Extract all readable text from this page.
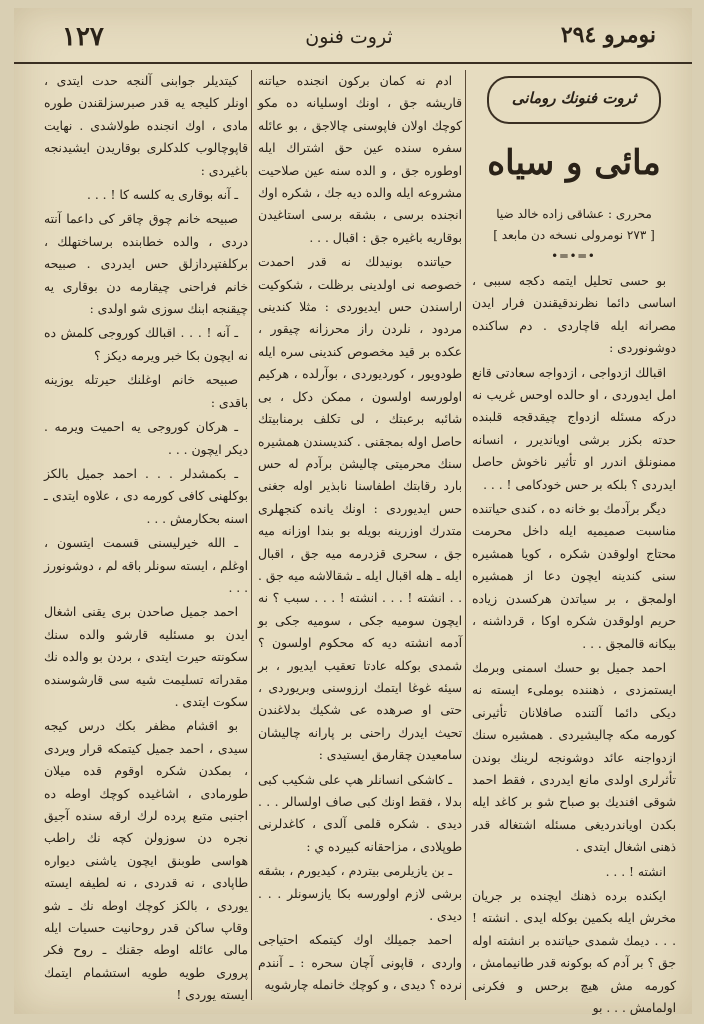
١٢٧	ثروت فنون	نومرو ٢٩٤
ثروت فنونك رومانى
مائى و سياه
محررى : عشاقى زاده خالد ضيا
[ ٢٧٣ نومرولى نسخه دن مابعد ]
•═•═•

بو حسى تحليل ايتمه دكجه سببى ، اساسى دائما نظرندقيقندن فرار ايدن مصرانه ايله قاچاردى . دم ساكنده دوشونوردى :

اقبالك ازدواجى ، ازدواجه سعادتى قانع امل ايدوردى ، او حالده اوحس غريب نه دركه مسئله ازدواج چيقدقجه قلبنده حدته بكزر برشى اويانديرر ، انسانه ممنونلق اندرر او تأثير ناخوش حاصل ايدردى ؟ بلكه بر حس خودكامى ! . . .

ديگر برآدمك بو خانه ده ، كندى حياتنده مناسبت صميميه ايله داخل محرمت محتاج اولوقدن شكره ، كويا همشيره سنى كندينه ايچون دعا از همشيره اولمجق ، بر سياتدن هركسدن زياده حريم اولوقدن شكره اوكا ، قرداشنه ، بيكانه قالمجق . . .

احمد جميل بو حسك اسمنى وبرمك ايستمزدى ، ذهننده بوملىء ايسته نه ديكى دائما آلتنده صافلانان تأثيرنى كورمه مكه چاليشيردى . همشيره سنك ازدواجنه عائد دوشونجه لرينك بوندن تأثرلرى اولدى مانع ايدردى ، فقط احمد شوقى افنديك بو صباح شو بر كاغد ايله بكدن اوياندرديغى مسئله اشتغاله قدر ذهنى اشغال ايتدى .

انشته ! . . .

ايكنده برده ذهنك ايچنده بر جريان مخرش ايله بكمين بوكله ايدى . انشته ! . . . ديمك شمدى حياتنده بر انشته اوله جق ؟ بر آدم كه بوكونه قدر طانيمامش ، كورمه مش هيچ برحس و فكرنى اولمامش . . . بو

ادم نه كمان بركون انجنده حياتنه قاريشه جق ، اونك اوسليانه ده مكو كوچك اولان فاپوسنى چالاجق ، بو عائله سفره سنده عين حق اشتراك ايله اوطوره جق ، و الده سنه عين صلاحيت مشروعه ايله والده ديه جك ، شكره اوك انجنده برسى ، بشقه برسى استاغيدن بوقاريه باغيره جق : اقبال . . .

حياتنده بونيدلك نه قدر احمدت خصوصه نى اولدينى برظلت ، شكوكيت اراسندن حس ايديوردى : مثلا كندينى مردود ، نلردن راز محرزانه چيقور ، عكده بر قيد مخصوص كندينى سره ايله طودويور ، كورديوردى ، بوآرلده ، هركيم اولورسه اولسون ، ممكن دكل ، بى شائبه برعبتك ، لى تكلف برمنابيتك حاصل اوله بمجقنى . كنديسندن همشيره سنك محرميتى چاليشن برآدم له حس بارد رقابتك اطفاسنا نابذير اوله جغنى حس ايديوردى : اونك يانده كنجهلرى متدرك اوزرينه بويله بو بندا اوزانه ميه جق ، سحرى قزدرمه ميه جق ، اقبال ايله ـ هله اقبال ايله ـ شقالاشه ميه جق . . . انشته ! . . . انشته ! . . . سبب ؟ نه ايچون سوميه جكى ، سوميه جكى بو آدمه انشته ديه كه محكوم اولسون ؟ شمدى بوكله عادتا تعقيب ايديور ، بر سيئه غوغا ايتمك ارزوسنى وبريوردى ، حتى او صرهده عى شكيك بدلاغندن تحيث ايدرك راحنى بر پارانه چاليشان سامعيدن چقارمق ايستيدى :

ـ كاشكى انسانلر هپ على شكيب كبى بدلا ، فقط اونك كبى صاف اولسالر . . . ديدى . شكره قلمى آلدى ، كاغدلرنى طوپلادى ، مزاحقانه كبيرده ي :

ـ بن يازيلرمى بيتردم ، كيديورم ، بشقه برشى لازم اولورسه بكا يازسونلر . . . ديدى .

احمد جميلك اوك كيتمكه احتياجى واردى ، قاپونى آچان سحره : ـ آنندم نرده ؟ ديدى ، و كوچك خانمله چارشويه

كيتديلر جوابنى آلنجه حدت ايتدى ، اونلر كليجه يه قدر صبرسزلقندن طوره مادى ، اوك انجنده طولاشدى . نهايت قاپوچالوب كلدكلرى بوقاريدن ايشيدنجه باغيردى :

ـ آنه بوقارى يه كلسه كا ! . . .

صبيحه خانم چوق چاقر كى داعما آنته دردى ، والده خطابنده برساختهلك ، بركلفتپردازلق حس ايدردى . صبيحه خانم فراحنى چيقارمه دن بوقارى يه چيقنجه ابنك سوزى شو اولدى :

ـ آنه ! . . . اقبالك كوروجى كلمش ده نه ايچون بكا خبر ويرمه ديكز ؟

صبيحه خانم اوغلنك حيرتله يوزينه باقدى :

ـ هركان كوروجى يه احميت ويرمه . ديكر ايچون . . .

ـ بكمشدلر . . . احمد جميل بالكز بوكلهنى كافى كورمه دى ، علاوه ايتدى ـ اسنه بحكارمش . . .

ـ الله خيرليسنى قسمت ايتسون ، اوغلم ، ايسته سونلر باقه لم ، دوشونورز . . .

احمد جميل صاحدن برى يقنى اشغال ايدن بو مسئليه قارشو والده سنك سكونته حيرت ايتدى ، بردن بو والده نك مقدراته تسليمت شيه سى قارشوسنده سكوت ايتدى .

بو اقشام مظفر بكك درس كيجه سيدى ، احمد جميل كيتمكه قرار ويردى ، بمكدن شكره اوقوم قده ميلان طورمادى ، اشاغيده كوچك اوطه ده اجنبى متبع پرده لرك ارقه سنده آجيق نجره دن سوزولن كچه نك راطب هواسى طوبنق ايچون ياشنى ديواره طاپادى ، نه قدردى ، نه لطيفه ايسته يوردى ، بالكز كوچك اوطه نك ـ شو وقاپ ساكن قدر روحانيت حسيات ايله مالى عائله اوطه جقنك ـ روح فكر پرورى طويه طويه استشمام ايتمك ايسته يوردى !
